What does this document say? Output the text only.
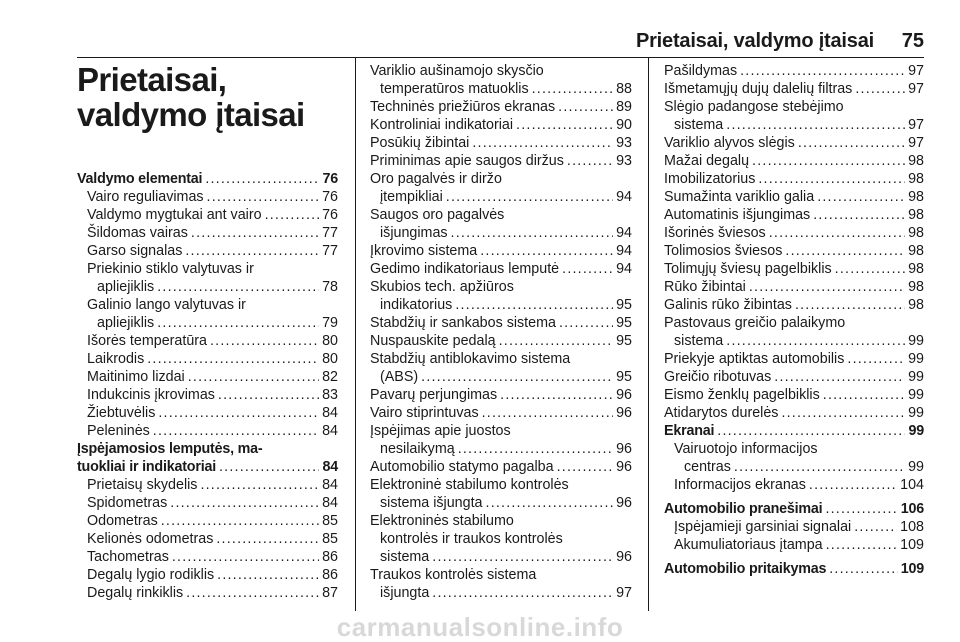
Prietaisai, valdymo įtaisai 75
Prietaisai, valdymo įtaisai
Valdymo elementai .....	76
Vairo reguliavimas .....	76
Valdymo mygtukai ant vairo .....	76
Šildomas vairas .....	77
Garso signalas .....	77
Priekinio stiklo valytuvas ir
apliejiklis .....	78
Galinio lango valytuvas ir
apliejiklis .....	79
Išorės temperatūra .....	80
Laikrodis .....	80
Maitinimo lizdai .....	82
Indukcinis įkrovimas .....	83
Žiebtuvėlis .....	84
Peleninės .....	84
Įspėjamosios lemputės, ma-
tuokliai ir indikatoriai .....	84
Prietaisų skydelis .....	84
Spidometras .....	84
Odometras .....	85
Kelionės odometras .....	85
Tachometras .....	86
Degalų lygio rodiklis .....	86
Degalų rinkiklis .....	87
Variklio aušinamojo skysčio
temperatūros matuoklis .....	88
Techninės priežiūros ekranas .....	89
Kontroliniai indikatoriai .....	90
Posūkių žibintai .....	93
Priminimas apie saugos diržus .....	93
Oro pagalvės ir diržo
įtempikliai .....	94
Saugos oro pagalvės
išjungimas .....	94
Įkrovimo sistema .....	94
Gedimo indikatoriaus lemputė .....	94
Skubios tech. apžiūros
indikatorius .....	95
Stabdžių ir sankabos sistema .....	95
Nuspauskite pedalą .....	95
Stabdžių antiblokavimo sistema
(ABS) .....	95
Pavarų perjungimas .....	96
Vairo stiprintuvas .....	96
Įspėjimas apie juostos
nesilaikymą .....	96
Automobilio statymo pagalba .....	96
Elektroninė stabilumo kontrolės
sistema išjungta .....	96
Elektroninės stabilumo
kontrolės ir traukos kontrolės
sistema .....	96
Traukos kontrolės sistema
išjungta .....	97
Pašildymas .....	97
Išmetamųjų dujų dalelių filtras .....	97
Slėgio padangose stebėjimo
sistema .....	97
Variklio alyvos slėgis .....	97
Mažai degalų .....	98
Imobilizatorius .....	98
Sumažinta variklio galia .....	98
Automatinis išjungimas .....	98
Išorinės šviesos .....	98
Tolimosios šviesos .....	98
Tolimųjų šviesų pagelbiklis .....	98
Rūko žibintai .....	98
Galinis rūko žibintas .....	98
Pastovaus greičio palaikymo
sistema .....	99
Priekyje aptiktas automobilis .....	99
Greičio ribotuvas .....	99
Eismo ženklų pagelbiklis .....	99
Atidarytos durelės .....	99
Ekranai .....	99
Vairuotojo informacijos
centras .....	99
Informacijos ekranas .....	104
Automobilio pranešimai .....	106
Įspėjamieji garsiniai signalai .....	108
Akumuliatoriaus įtampa .....	109
Automobilio pritaikymas .....	109
carmanualsonline.info
